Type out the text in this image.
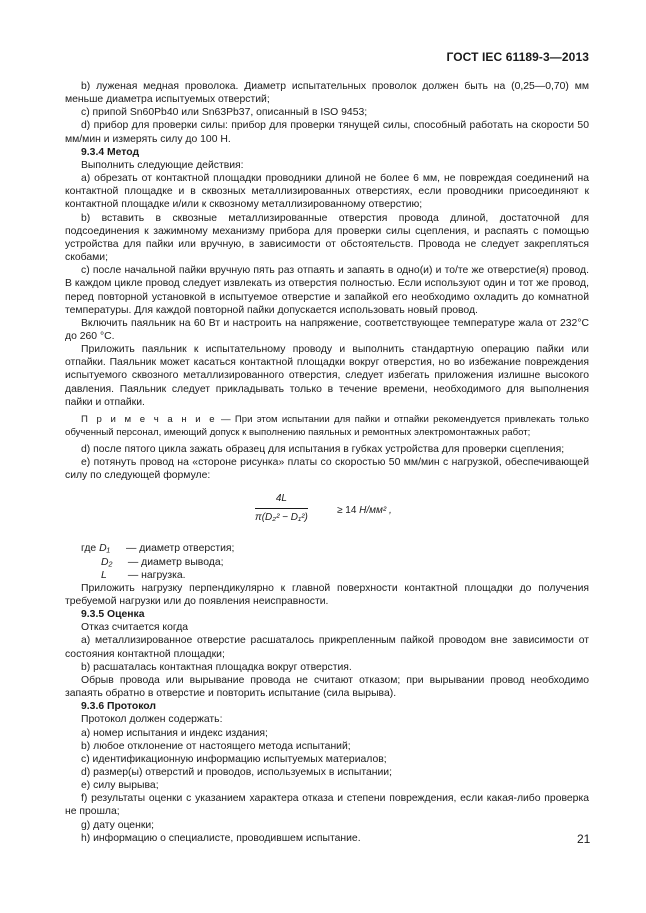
ГОСТ IEC 61189-3—2013

b) луженая медная проволока. Диаметр испытательных проволок должен быть на (0,25—0,70) мм меньше диаметра испытуемых отверстий;

c) припой Sn60Pb40 или Sn63Pb37, описанный в ISO 9453;

d) прибор для проверки силы: прибор для проверки тянущей силы, способный работать на скорости 50 мм/мин и измерять силу до 100 Н.

9.3.4 Метод

Выполнить следующие действия:

a) обрезать от контактной площадки проводники длиной не более 6 мм, не повреждая соединений на контактной площадке и в сквозных металлизированных отверстиях, если проводники присоединяют к контактной площадке и/или к сквозному металлизированному отверстию;

b) вставить в сквозные металлизированные отверстия провода длиной, достаточной для подсоединения к зажимному механизму прибора для проверки силы сцепления, и распаять с помощью устройства для пайки или вручную, в зависимости от обстоятельств. Провода не следует закрепляться скобами;

c) после начальной пайки вручную пять раз отпаять и запаять в одно(и) и то/те же отверстие(я) провод. В каждом цикле провод следует извлекать из отверстия полностью. Если используют один и тот же провод, перед повторной установкой в испытуемое отверстие и запайкой его необходимо охладить до комнатной температуры. Для каждой повторной пайки допускается использовать новый провод.

Включить паяльник на 60 Вт и настроить на напряжение, соответствующее температуре жала от 232°С до 260 °С.

Приложить паяльник к испытательному проводу и выполнить стандартную операцию пайки или отпайки. Паяльник может касаться контактной площадки вокруг отверстия, но во избежание повреждения испытуемого сквозного металлизированного отверстия, следует избегать приложения излишне высокого давления. Паяльник следует прикладывать только в течение времени, необходимого для выполнения пайки и отпайки.

П р и м е ч а н и е — При этом испытании для пайки и отпайки рекомендуется привлекать только обученный персонал, имеющий допуск к выполнению паяльных и ремонтных электромонтажных работ;

d) после пятого цикла зажать образец для испытания в губках устройства для проверки сцепления;

e) потянуть провод на «стороне рисунка» платы со скоростью 50 мм/мин с нагрузкой, обеспечивающей силу по следующей формуле:

$\frac{4L}{\text{π(D₂² − D₁²)}}$	≥ 14 Н/мм² ,
где D₁ — диаметр отверстия;
D₂ — диаметр вывода;
L — нагрузка.

Приложить нагрузку перпендикулярно к главной поверхности контактной площадки до получения требуемой нагрузки или до появления неисправности.

9.3.5 Оценка

Отказ считается когда

a) металлизированное отверстие расшаталось прикрепленным пайкой проводом вне зависимости от состояния контактной площадки;

b) расшаталась контактная площадка вокруг отверстия.

Обрыв провода или вырывание провода не считают отказом; при вырывании провод необходимо запаять обратно в отверстие и повторить испытание (сила вырыва).

9.3.6 Протокол

Протокол должен содержать:

a) номер испытания и индекс издания;

b) любое отклонение от настоящего метода испытаний;

c) идентификационную информацию испытуемых материалов;

d) размер(ы) отверстий и проводов, используемых в испытании;

e) силу вырыва;

f) результаты оценки с указанием характера отказа и степени повреждения, если какая-либо проверка не прошла;

g) дату оценки;

h) информацию о специалисте, проводившем испытание.	21
